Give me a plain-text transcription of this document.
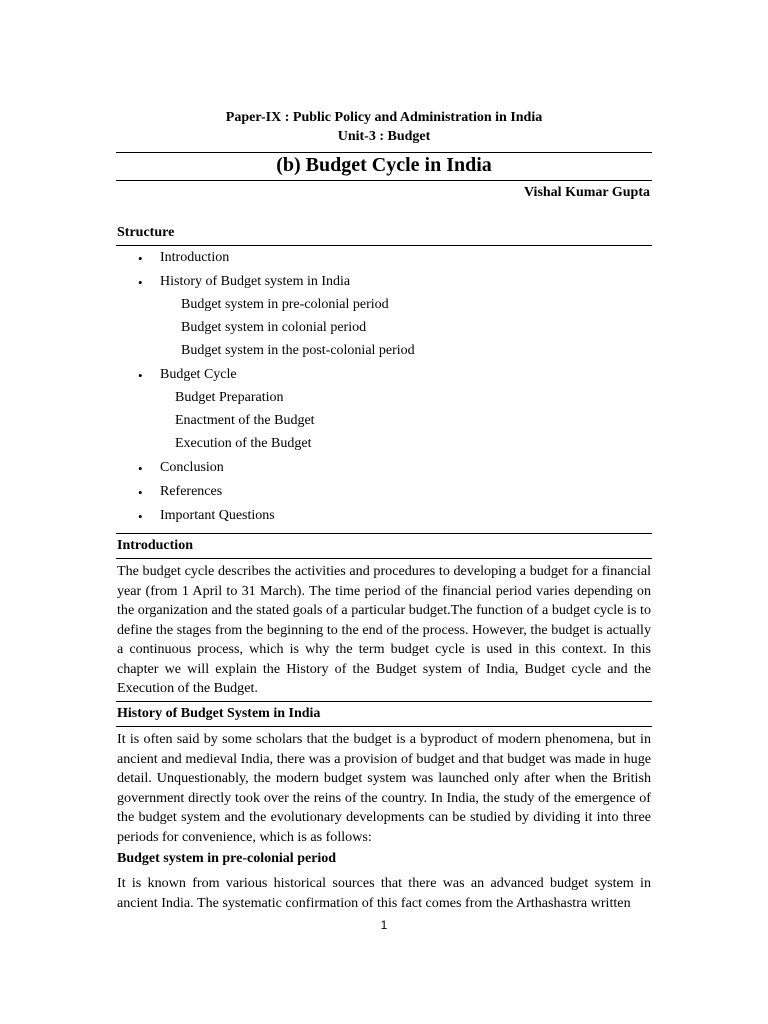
Paper-IX : Public Policy and Administration in India
Unit-3 : Budget
(b) Budget Cycle in India
Vishal Kumar Gupta
Structure
• Introduction
• History of Budget system in India
Budget system in pre-colonial period
Budget system in colonial period
Budget system in the post-colonial period
• Budget Cycle
Budget Preparation
Enactment of the Budget
Execution of the Budget
• Conclusion
• References
• Important Questions
Introduction
The budget cycle describes the activities and procedures to developing a budget for a financial year (from 1 April to 31 March). The time period of the financial period varies depending on the organization and the stated goals of a particular budget.The function of a budget cycle is to define the stages from the beginning to the end of the process. However, the budget is actually a continuous process, which is why the term budget cycle is used in this context. In this chapter we will explain the History of the Budget system of India, Budget cycle and the Execution of the Budget.
History of Budget System in India
It is often said by some scholars that the budget is a byproduct of modern phenomena, but in ancient and medieval India, there was a provision of budget and that budget was made in huge detail. Unquestionably, the modern budget system was launched only after when the British government directly took over the reins of the country. In India, the study of the emergence of the budget system and the evolutionary developments can be studied by dividing it into three periods for convenience, which is as follows:
Budget system in pre-colonial period
It is known from various historical sources that there was an advanced budget system in ancient India. The systematic confirmation of this fact comes from the Arthashastra written
1
